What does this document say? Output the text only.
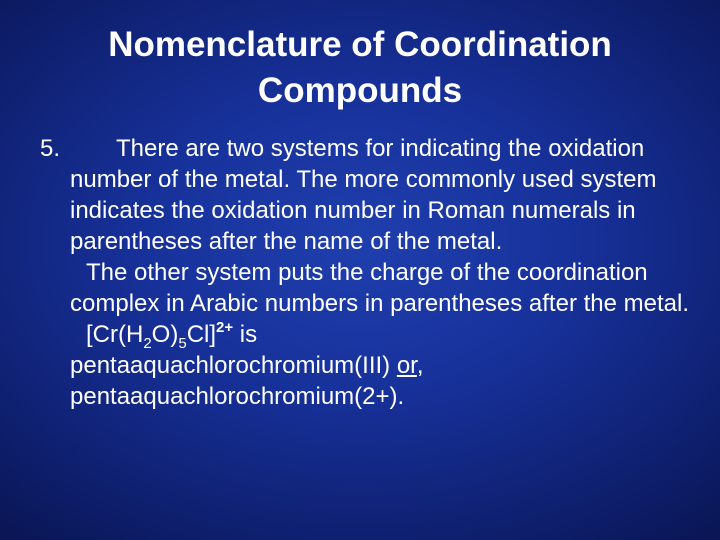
Nomenclature of Coordination
Compounds

5. There are two systems for indicating the oxidation number of the metal. The more commonly used system indicates the oxidation number in Roman numerals in parentheses after the name of the metal.

The other system puts the charge of the coordination complex in Arabic numbers in parentheses after the metal.

$[Cr(H_2O)_5Cl]^{2+}$ is
pentaaquachlorochromium(III) or,
pentaaquachlorochromium(2+).
